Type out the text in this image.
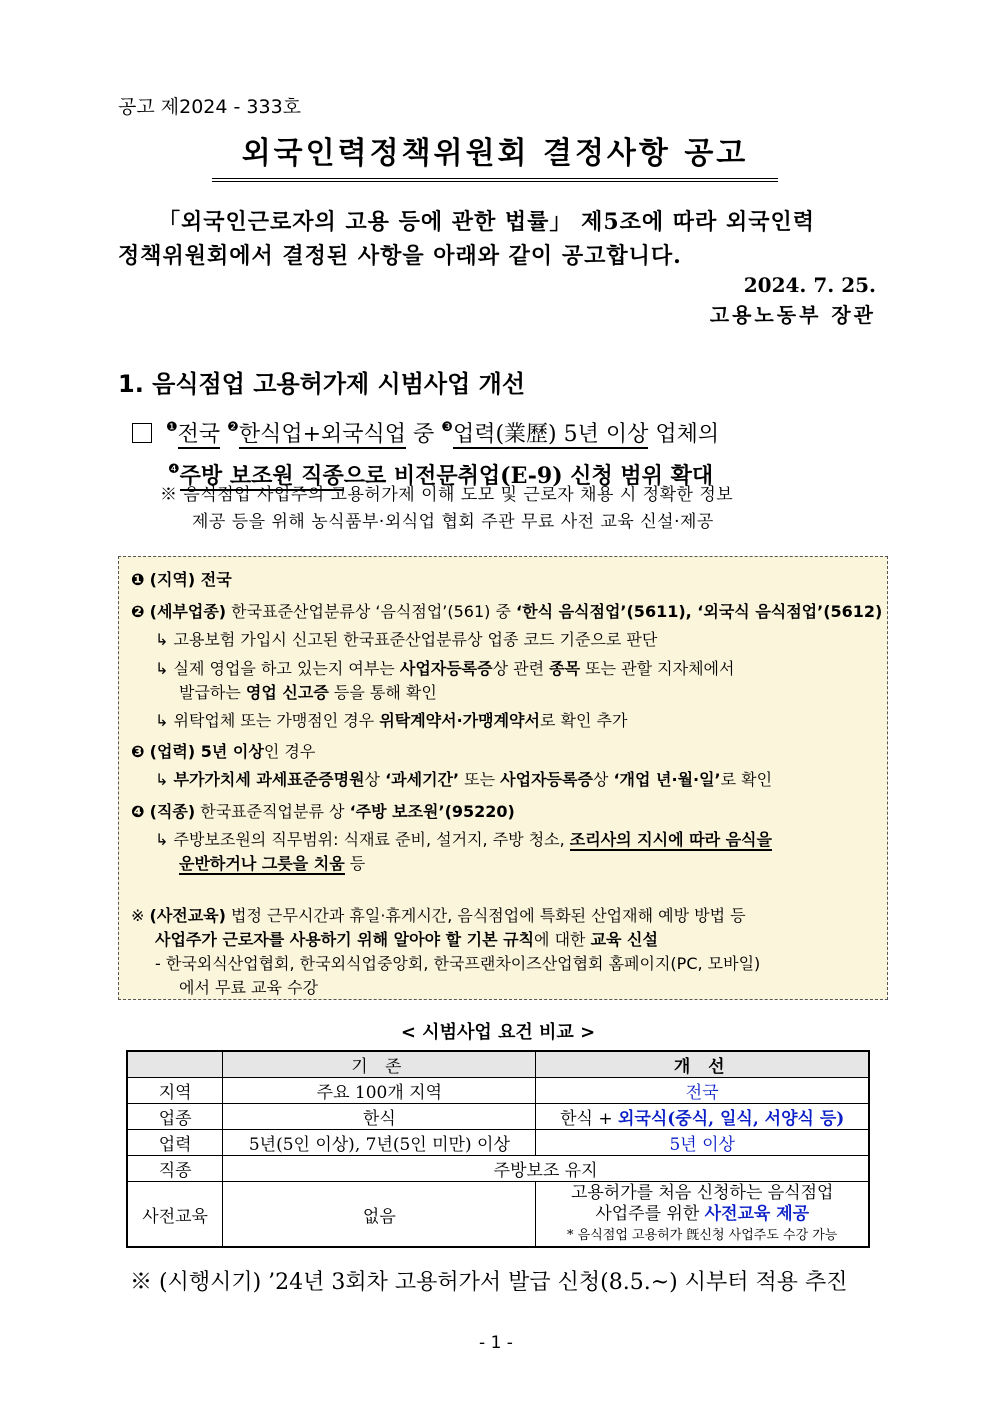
공고 제2024 - 333호
외국인력정책위원회 결정사항 공고
「외국인근로자의 고용 등에 관한 법률」 제5조에 따라 외국인력
정책위원회에서 결정된 사항을 아래와 같이 공고합니다.
2024. 7. 25.
고용노동부 장관
1. 음식점업 고용허가제 시범사업 개선
$^❶$전국 $^❷$한식업+외국식업 중 $^❸$업력(業歷) 5년 이상 업체의
$^❹$주방 보조원 직종으로 비전문취업(E-9) 신청 범위 확대
※ 음식점업 사업주의 고용허가제 이해 도모 및 근로자 채용 시 정확한 정보
제공 등을 위해 농식품부·외식업 협회 주관 무료 사전 교육 신설·제공
❶ (지역) 전국
❷ (세부업종) 한국표준산업분류상 ‘음식점업’(561) 중 ‘한식 음식점업’(5611), ‘외국식 음식점업’(5612)
↳ 고용보험 가입시 신고된 한국표준산업분류상 업종 코드 기준으로 판단
↳ 실제 영업을 하고 있는지 여부는 사업자등록증상 관련 종목 또는 관할 지자체에서
발급하는 영업 신고증 등을 통해 확인
↳ 위탁업체 또는 가맹점인 경우 위탁계약서·가맹계약서로 확인 추가
❸ (업력) 5년 이상인 경우
↳ 부가가치세 과세표준증명원상 ‘과세기간’ 또는 사업자등록증상 ‘개업 년·월·일’로 확인
❹ (직종) 한국표준직업분류 상 ‘주방 보조원’(95220)
↳ 주방보조원의 직무범위: 식재료 준비, 설거지, 주방 청소, 조리사의 지시에 따라 음식을
운반하거나 그릇을 치움 등
※ (사전교육) 법정 근무시간과 휴일·휴게시간, 음식점업에 특화된 산업재해 예방 방법 등
사업주가 근로자를 사용하기 위해 알아야 할 기본 규칙에 대한 교육 신설
- 한국외식산업협회, 한국외식업중앙회, 한국프랜차이즈산업협회 홈페이지(PC, 모바일)
에서 무료 교육 수강
< 시범사업 요건 비교 >
	기 존	개 선
지역	주요 100개 지역	전국
업종	한식	한식 + 외국식(중식, 일식, 서양식 등)
업력	5년(5인 이상), 7년(5인 미만) 이상	5년 이상
직종	주방보조 유지	
사전교육	없음	고용허가를 처음 신청하는 음식점업
사업주를 위한 사전교육 제공
* 음식점업 고용허가 旣신청 사업주도 수강 가능
※ (시행시기) ’24년 3회차 고용허가서 발급 신청(8.5.~) 시부터 적용 추진
- 1 -
